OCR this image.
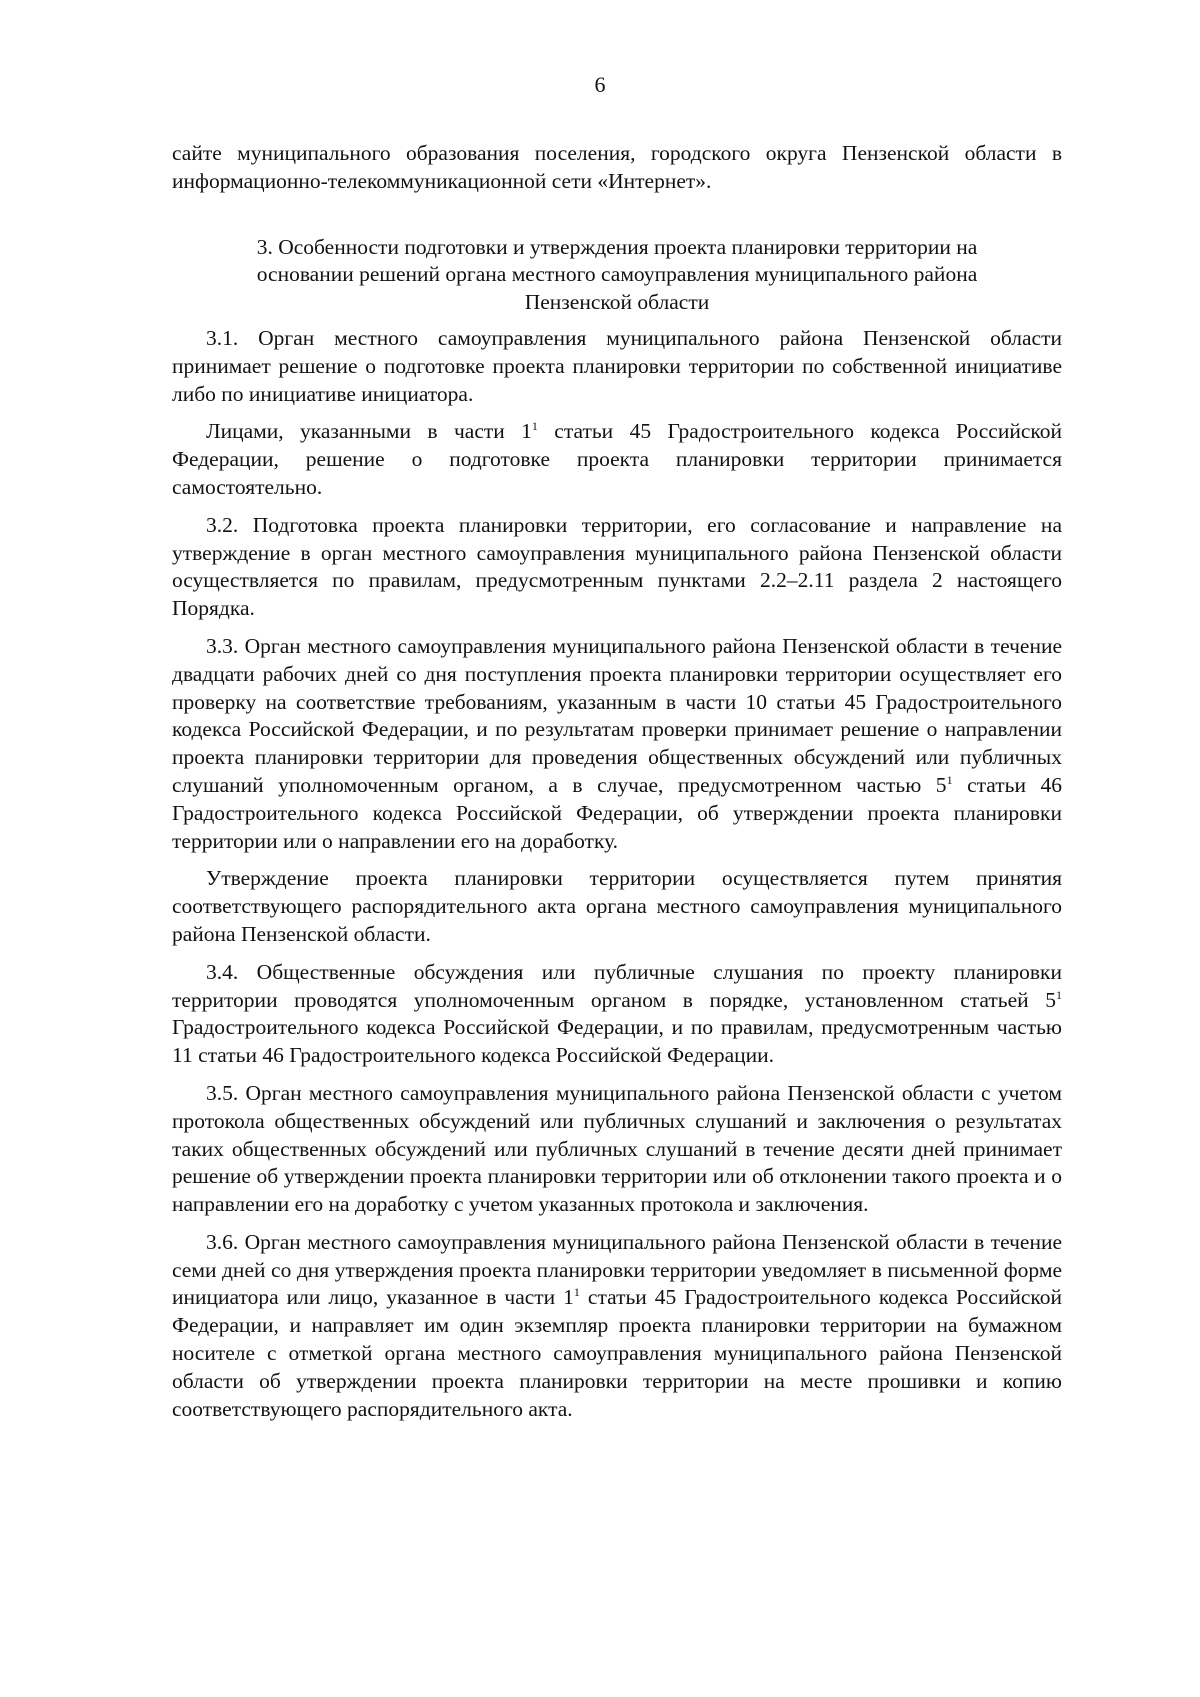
6

сайте муниципального образования поселения, городского округа Пензенской области в информационно-телекоммуникационной сети «Интернет».

3. Особенности подготовки и утверждения проекта планировки территории на основании решений органа местного самоуправления муниципального района Пензенской области

3.1. Орган местного самоуправления муниципального района Пензенской области принимает решение о подготовке проекта планировки территории по собственной инициативе либо по инициативе инициатора.

Лицами, указанными в части $1^1$ статьи 45 Градостроительного кодекса Российской Федерации, решение о подготовке проекта планировки территории принимается самостоятельно.

3.2. Подготовка проекта планировки территории, его согласование и направление на утверждение в орган местного самоуправления муниципального района Пензенской области осуществляется по правилам, предусмотренным пунктами 2.2–2.11 раздела 2 настоящего Порядка.

3.3. Орган местного самоуправления муниципального района Пензенской области в течение двадцати рабочих дней со дня поступления проекта планировки территории осуществляет его проверку на соответствие требованиям, указанным в части 10 статьи 45 Градостроительного кодекса Российской Федерации, и по результатам проверки принимает решение о направлении проекта планировки территории для проведения общественных обсуждений или публичных слушаний уполномоченным органом, а в случае, предусмотренном частью $5^1$ статьи 46 Градостроительного кодекса Российской Федерации, об утверждении проекта планировки территории или о направлении его на доработку.

Утверждение проекта планировки территории осуществляется путем принятия соответствующего распорядительного акта органа местного самоуправления муниципального района Пензенской области.

3.4. Общественные обсуждения или публичные слушания по проекту планировки территории проводятся уполномоченным органом в порядке, установленном статьей $5^1$ Градостроительного кодекса Российской Федерации, и по правилам, предусмотренным частью 11 статьи 46 Градостроительного кодекса Российской Федерации.

3.5. Орган местного самоуправления муниципального района Пензенской области с учетом протокола общественных обсуждений или публичных слушаний и заключения о результатах таких общественных обсуждений или публичных слушаний в течение десяти дней принимает решение об утверждении проекта планировки территории или об отклонении такого проекта и о направлении его на доработку с учетом указанных протокола и заключения.

3.6. Орган местного самоуправления муниципального района Пензенской области в течение семи дней со дня утверждения проекта планировки территории уведомляет в письменной форме инициатора или лицо, указанное в части $1^1$ статьи 45 Градостроительного кодекса Российской Федерации, и направляет им один экземпляр проекта планировки территории на бумажном носителе с отметкой органа местного самоуправления муниципального района Пензенской области об утверждении проекта планировки территории на месте прошивки и копию соответствующего распорядительного акта.
